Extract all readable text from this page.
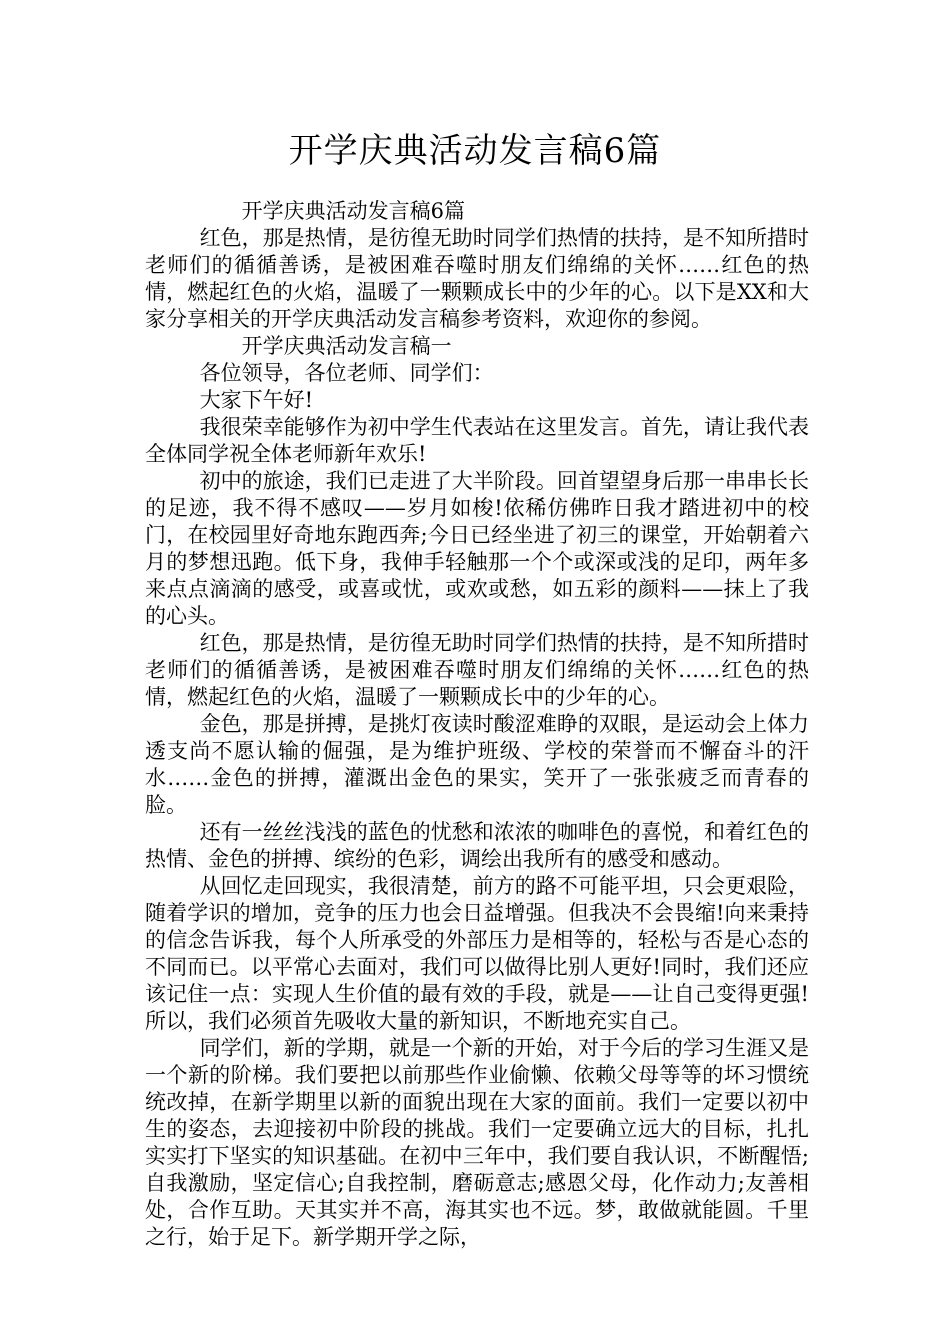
开学庆典活动发言稿6篇

开学庆典活动发言稿6篇

红色，那是热情，是彷徨无助时同学们热情的扶持，是不知所措时老师们的循循善诱，是被困难吞噬时朋友们绵绵的关怀……红色的热情，燃起红色的火焰，温暖了一颗颗成长中的少年的心。以下是XX和大家分享相关的开学庆典活动发言稿参考资料，欢迎你的参阅。

开学庆典活动发言稿一

各位领导，各位老师、同学们：

大家下午好!

我很荣幸能够作为初中学生代表站在这里发言。首先，请让我代表全体同学祝全体老师新年欢乐!

初中的旅途，我们已走进了大半阶段。回首望望身后那一串串长长的足迹，我不得不感叹——岁月如梭!依稀仿佛昨日我才踏进初中的校门，在校园里好奇地东跑西奔;今日已经坐进了初三的课堂，开始朝着六月的梦想迅跑。低下身，我伸手轻触那一个个或深或浅的足印，两年多来点点滴滴的感受，或喜或忧，或欢或愁，如五彩的颜料——抹上了我的心头。

红色，那是热情，是彷徨无助时同学们热情的扶持，是不知所措时老师们的循循善诱，是被困难吞噬时朋友们绵绵的关怀……红色的热情，燃起红色的火焰，温暖了一颗颗成长中的少年的心。

金色，那是拼搏，是挑灯夜读时酸涩难睁的双眼，是运动会上体力透支尚不愿认输的倔强，是为维护班级、学校的荣誉而不懈奋斗的汗水……金色的拼搏，灌溉出金色的果实，笑开了一张张疲乏而青春的脸。

还有一丝丝浅浅的蓝色的忧愁和浓浓的咖啡色的喜悦，和着红色的热情、金色的拼搏、缤纷的色彩，调绘出我所有的感受和感动。

从回忆走回现实，我很清楚，前方的路不可能平坦，只会更艰险，随着学识的增加，竞争的压力也会日益增强。但我决不会畏缩!向来秉持的信念告诉我，每个人所承受的外部压力是相等的，轻松与否是心态的不同而已。以平常心去面对，我们可以做得比别人更好!同时，我们还应该记住一点：实现人生价值的最有效的手段，就是——让自己变得更强!所以，我们必须首先吸收大量的新知识，不断地充实自己。

同学们，新的学期，就是一个新的开始，对于今后的学习生涯又是一个新的阶梯。我们要把以前那些作业偷懒、依赖父母等等的坏习惯统统改掉，在新学期里以新的面貌出现在大家的面前。我们一定要以初中生的姿态，去迎接初中阶段的挑战。我们一定要确立远大的目标，扎扎实实打下坚实的知识基础。在初中三年中，我们要自我认识，不断醒悟;自我激励，坚定信心;自我控制，磨砺意志;感恩父母，化作动力;友善相处，合作互助。天其实并不高，海其实也不远。梦，敢做就能圆。千里之行，始于足下。新学期开学之际，
